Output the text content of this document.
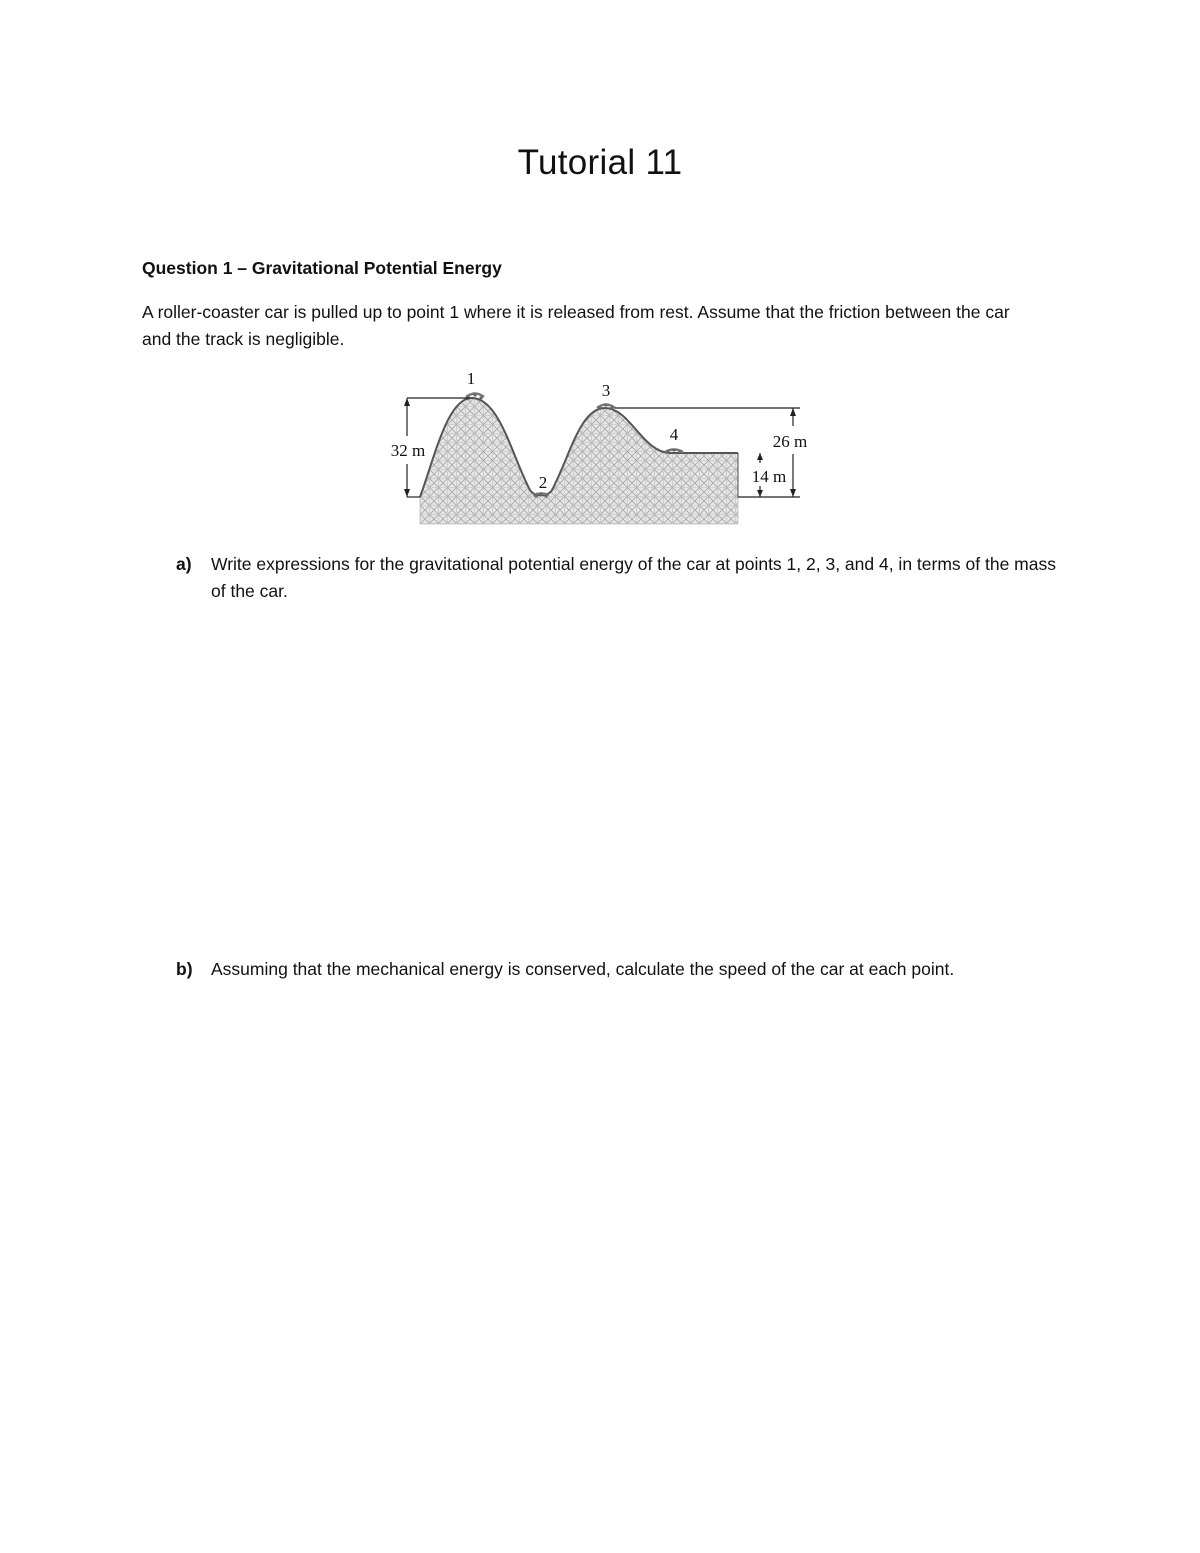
Tutorial 11
Question 1 – Gravitational Potential Energy
A roller-coaster car is pulled up to point 1 where it is released from rest. Assume that the friction between the car and the track is negligible.
1
2
3
4
32 m	26 m
14 m
a) Write expressions for the gravitational potential energy of the car at points 1, 2, 3, and 4, in terms of the mass of the car.
b) Assuming that the mechanical energy is conserved, calculate the speed of the car at each point.
